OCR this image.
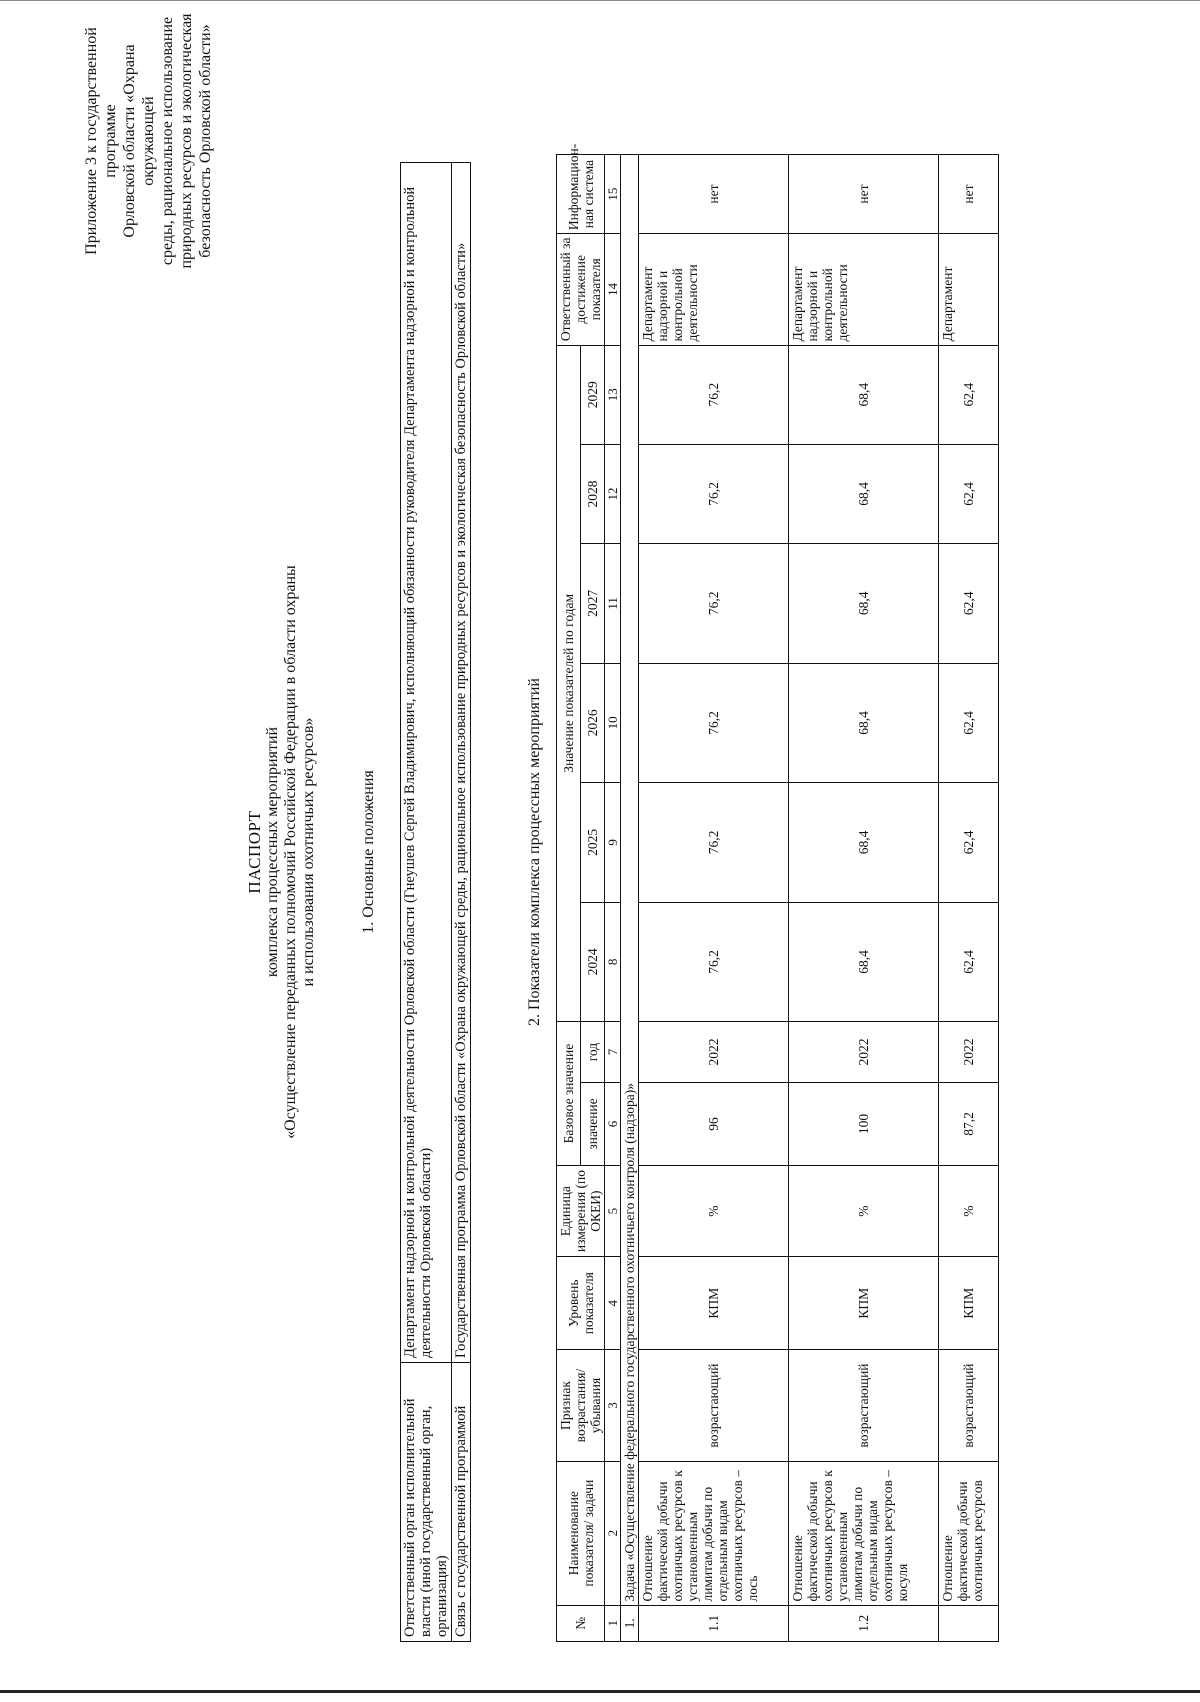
Приложение 3 к государственной программе Орловской области «Охрана окружающей среды, рациональное использование природных ресурсов и экологическая безопасность Орловской области»
ПАСПОРТ комплекса процессных мероприятий «Осуществление переданных полномочий Российской Федерации в области охраны и использования охотничьих ресурсов»	1. Основные положения
Ответственный орган исполнительной власти (иной государственный орган, организация)	Департамент надзорной и контрольной деятельности Орловской области (Гнеушев Сергей Владимирович, исполняющий обязанности руководителя Департамента надзорной и контрольной деятельности Орловской области)
Связь с государственной программой	Государственная программа Орловской области «Охрана окружающей среды, рациональное использование природных ресурсов и экологическая безопасность Орловской области»	2. Показатели комплекса процессных мероприятий
№	Наименование показателя/ задачи	Признак возрастания/ убывания	Уровень показателя	Единица измерения (по ОКЕИ)	Базовое значение		Значение показателей по годам						Ответственный за достижение показателя	Информацион-ная система
					значение	год	2024	2025	2026	2027	2028	2029		
1	2	3	4	5	6	7	8	9	10	11	12	13	14	15
1.	Задача «Осуществление федерального государственного охотничьего контроля (надзора)»													
1.1	Отношение фактической добычи охотничьих ресурсов к установленным лимитам добычи по отдельным видам охотничьих ресурсов – лось	возрастающий	КПМ	%	96	2022	76,2	76,2	76,2	76,2	76,2	76,2	Департамент надзорной и контрольной деятельности	нет
1.2	Отношение фактической добычи охотничьих ресурсов к установленным лимитам добычи по отдельным видам охотничьих ресурсов – косуля	возрастающий	КПМ	%	100	2022	68,4	68,4	68,4	68,4	68,4	68,4	Департамент надзорной и контрольной деятельности	нет
	Отношение фактической добычи охотничьих ресурсов	возрастающий	КПМ	%	87,2	2022	62,4	62,4	62,4	62,4	62,4	62,4	Департамент	нет
